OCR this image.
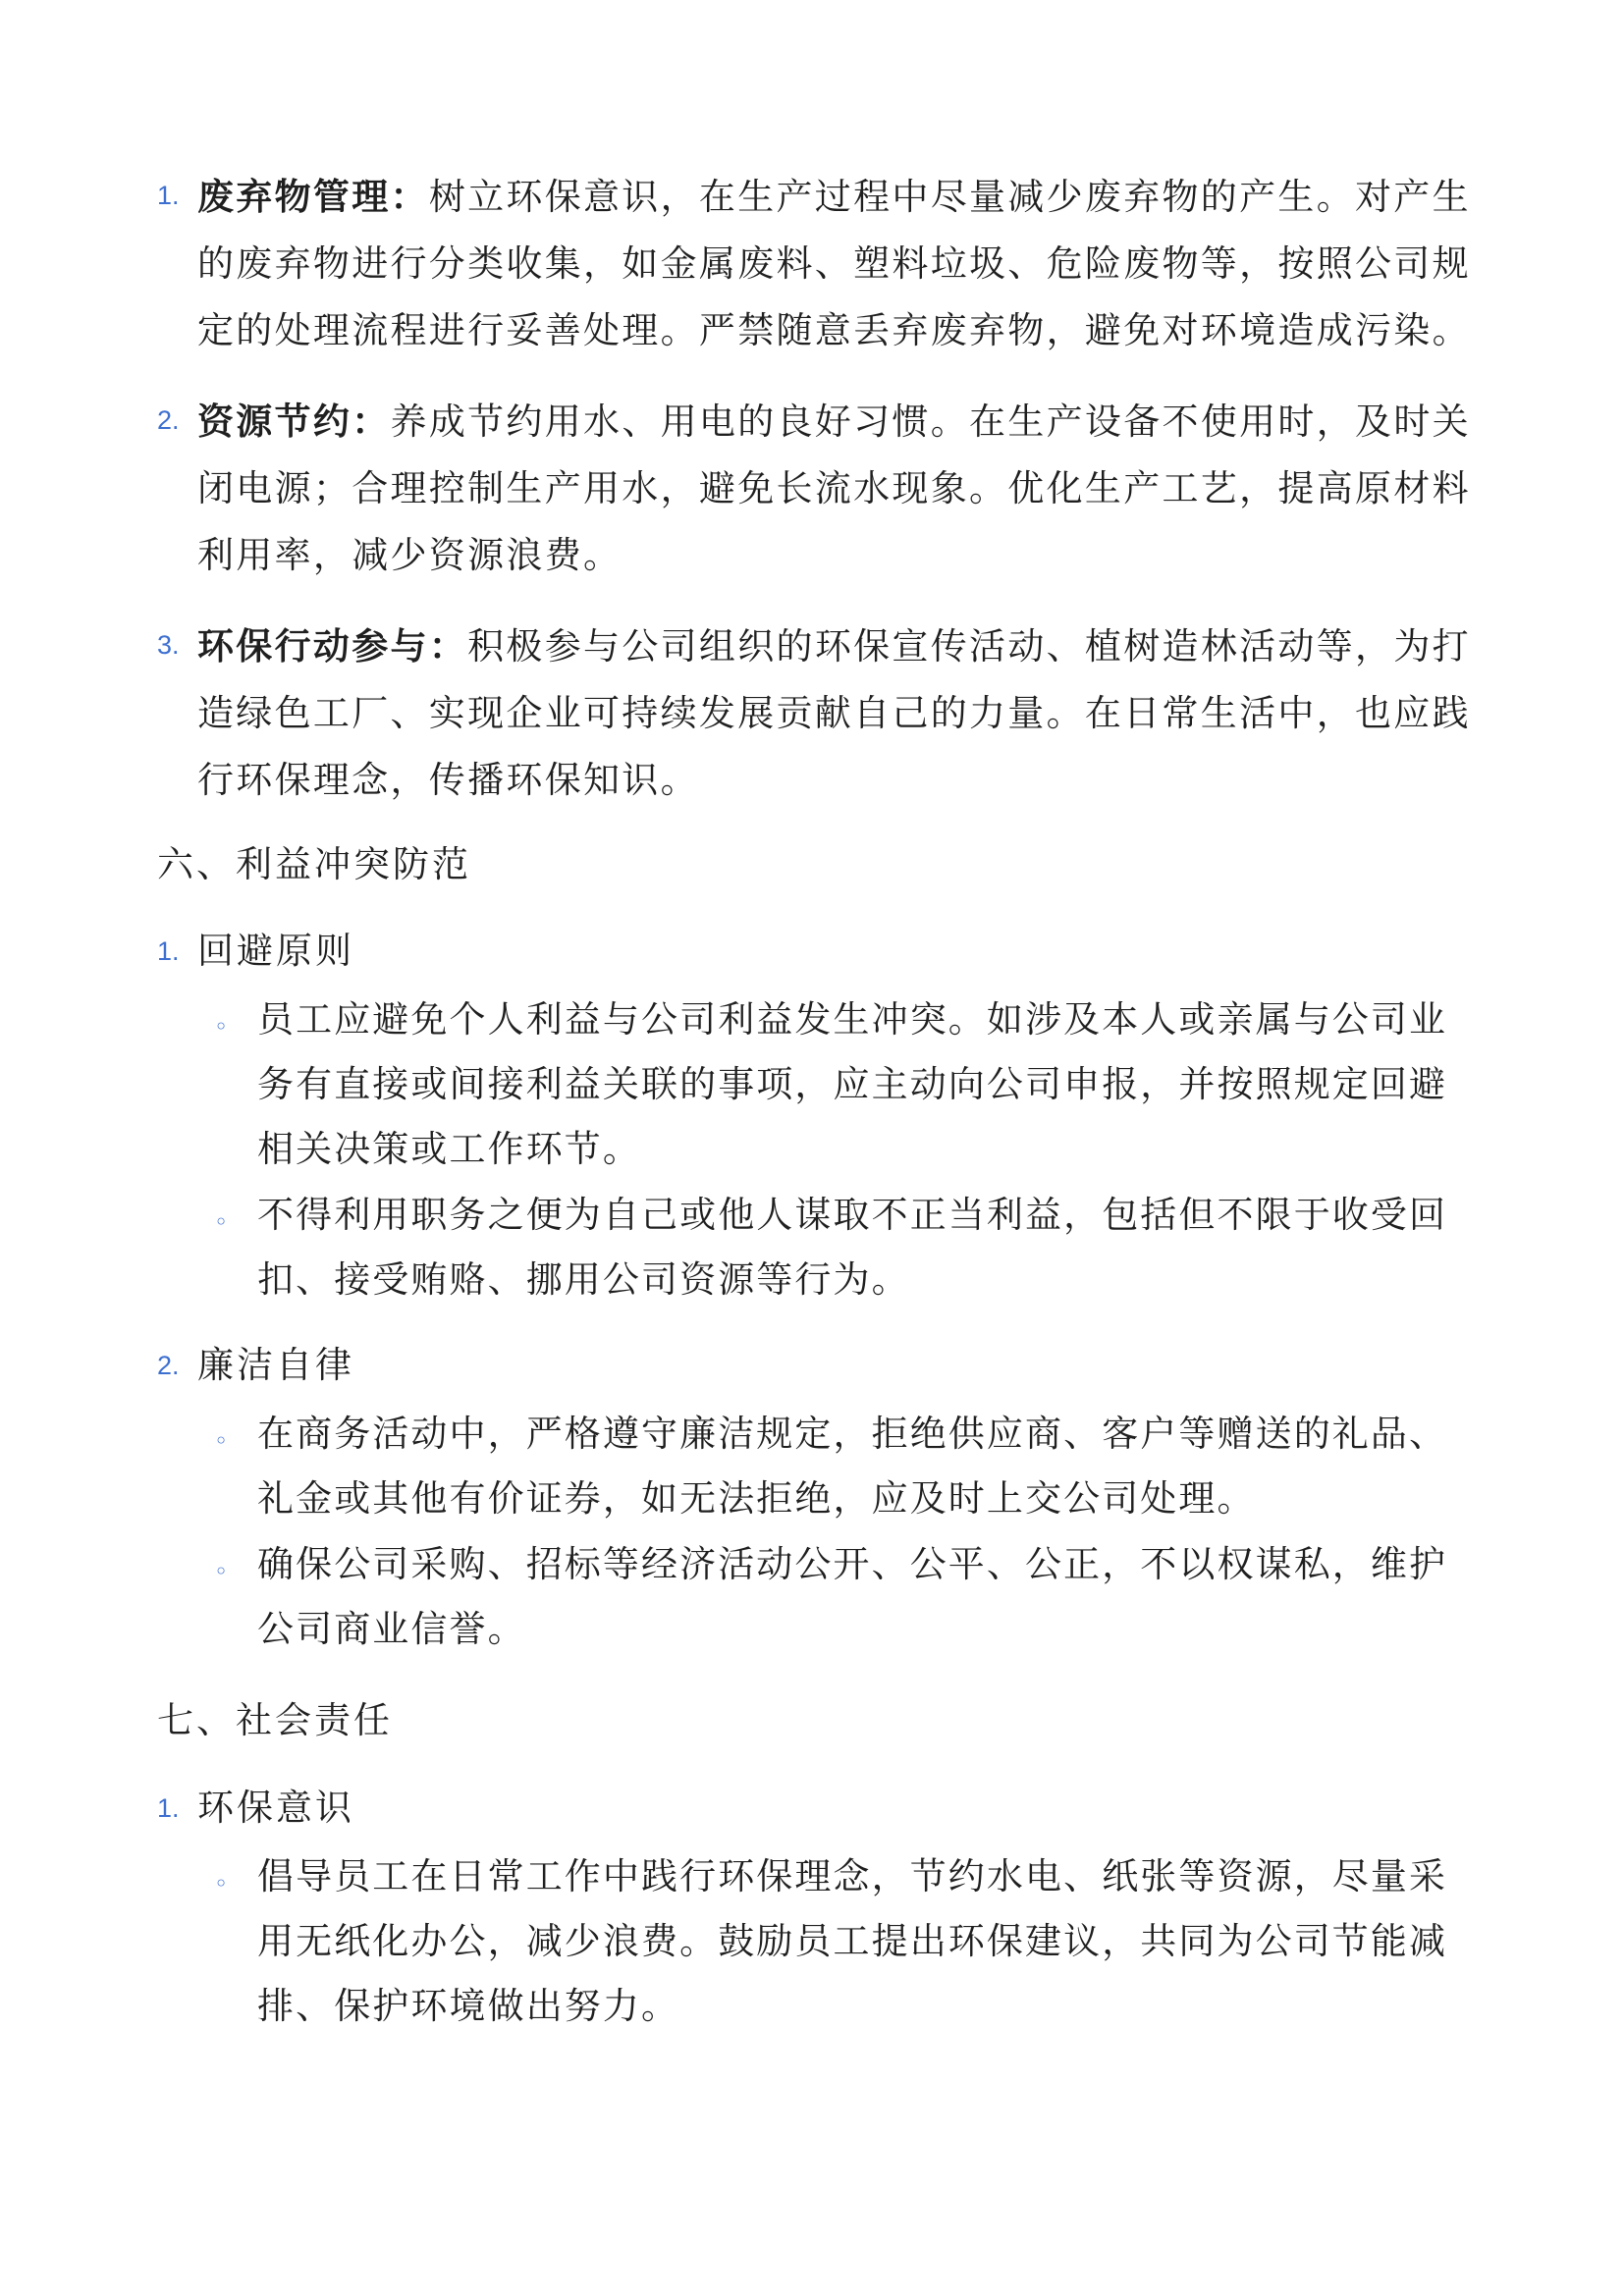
1. 废弃物管理：树立环保意识，在生产过程中尽量减少废弃物的产生。对产生的废弃物进行分类收集，如金属废料、塑料垃圾、危险废物等，按照公司规定的处理流程进行妥善处理。严禁随意丢弃废弃物，避免对环境造成污染。
2. 资源节约：养成节约用水、用电的良好习惯。在生产设备不使用时，及时关闭电源；合理控制生产用水，避免长流水现象。优化生产工艺，提高原材料利用率，减少资源浪费。
3. 环保行动参与：积极参与公司组织的环保宣传活动、植树造林活动等，为打造绿色工厂、实现企业可持续发展贡献自己的力量。在日常生活中，也应践行环保理念，传播环保知识。
六、利益冲突防范
1. 回避原则
◦ 员工应避免个人利益与公司利益发生冲突。如涉及本人或亲属与公司业务有直接或间接利益关联的事项，应主动向公司申报，并按照规定回避相关决策或工作环节。
◦ 不得利用职务之便为自己或他人谋取不正当利益，包括但不限于收受回扣、接受贿赂、挪用公司资源等行为。
2. 廉洁自律
◦ 在商务活动中，严格遵守廉洁规定，拒绝供应商、客户等赠送的礼品、礼金或其他有价证券，如无法拒绝，应及时上交公司处理。
◦ 确保公司采购、招标等经济活动公开、公平、公正，不以权谋私，维护公司商业信誉。
七、社会责任
1. 环保意识
◦ 倡导员工在日常工作中践行环保理念，节约水电、纸张等资源，尽量采用无纸化办公，减少浪费。鼓励员工提出环保建议，共同为公司节能减排、保护环境做出努力。
